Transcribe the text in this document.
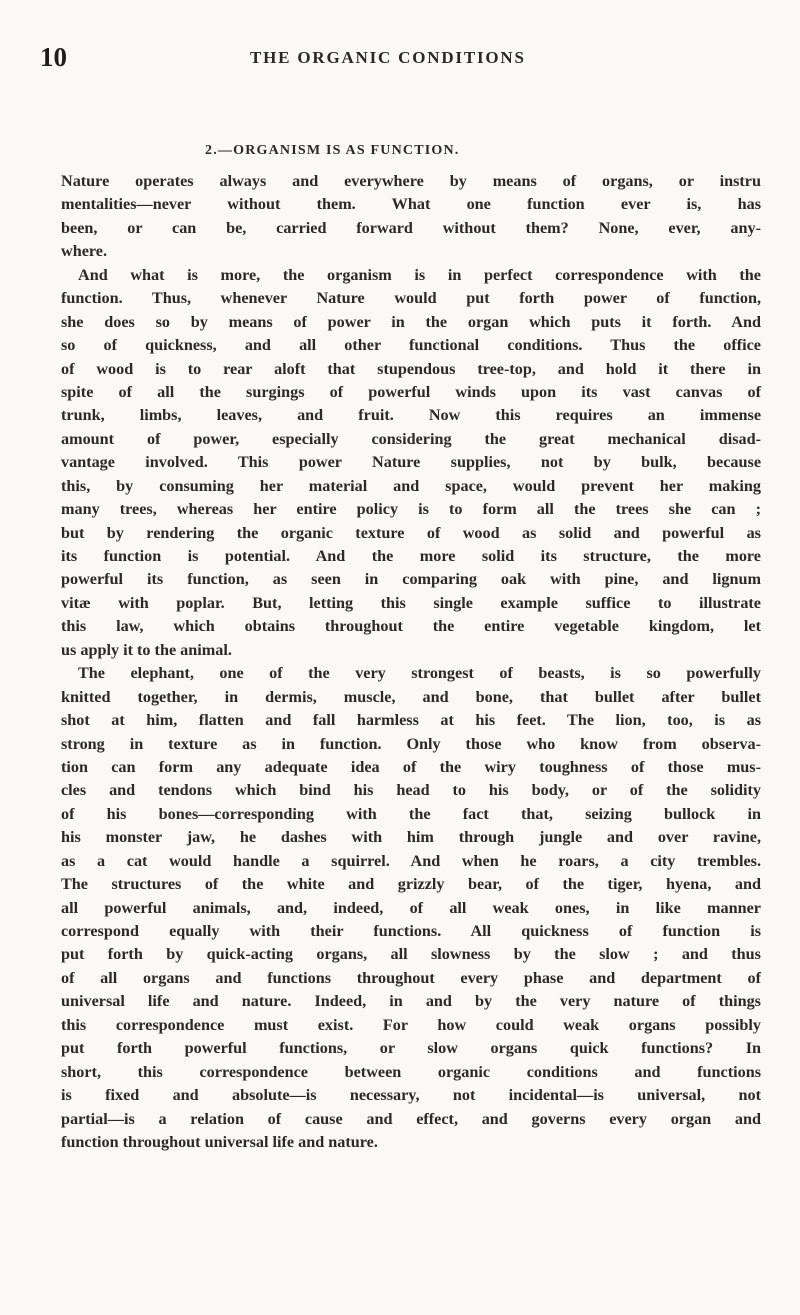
10	THE ORGANIC CONDITIONS
2.—ORGANISM IS AS FUNCTION.
Nature operates always and everywhere by means of organs, or instru
mentalities—never without them. What one function ever is, has
been, or can be, carried forward without them? None, ever, any-
where.
And what is more, the organism is in perfect correspondence with the
function. Thus, whenever Nature would put forth power of function,
she does so by means of power in the organ which puts it forth. And
so of quickness, and all other functional conditions. Thus the office
of wood is to rear aloft that stupendous tree-top, and hold it there in
spite of all the surgings of powerful winds upon its vast canvas of
trunk, limbs, leaves, and fruit. Now this requires an immense
amount of power, especially considering the great mechanical disad-
vantage involved. This power Nature supplies, not by bulk, because
this, by consuming her material and space, would prevent her making
many trees, whereas her entire policy is to form all the trees she can ;
but by rendering the organic texture of wood as solid and powerful as
its function is potential. And the more solid its structure, the more
powerful its function, as seen in comparing oak with pine, and lignum
vitæ with poplar. But, letting this single example suffice to illustrate
this law, which obtains throughout the entire vegetable kingdom, let
us apply it to the animal.
The elephant, one of the very strongest of beasts, is so powerfully
knitted together, in dermis, muscle, and bone, that bullet after bullet
shot at him, flatten and fall harmless at his feet. The lion, too, is as
strong in texture as in function. Only those who know from observa-
tion can form any adequate idea of the wiry toughness of those mus-
cles and tendons which bind his head to his body, or of the solidity
of his bones—corresponding with the fact that, seizing bullock in
his monster jaw, he dashes with him through jungle and over ravine,
as a cat would handle a squirrel. And when he roars, a city trembles.
The structures of the white and grizzly bear, of the tiger, hyena, and
all powerful animals, and, indeed, of all weak ones, in like manner
correspond equally with their functions. All quickness of function is
put forth by quick-acting organs, all slowness by the slow ; and thus
of all organs and functions throughout every phase and department of
universal life and nature. Indeed, in and by the very nature of things
this correspondence must exist. For how could weak organs possibly
put forth powerful functions, or slow organs quick functions? In
short, this correspondence between organic conditions and functions
is fixed and absolute—is necessary, not incidental—is universal, not
partial—is a relation of cause and effect, and governs every organ and
function throughout universal life and nature.
